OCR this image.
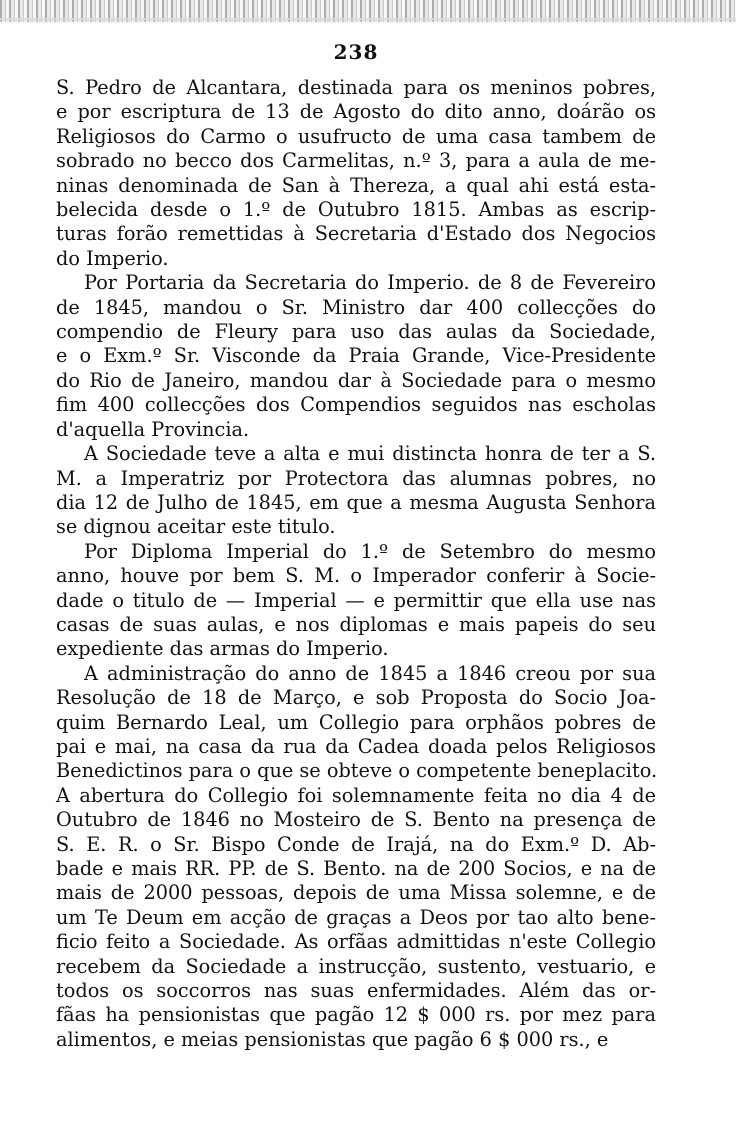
238

S. Pedro de Alcantara, destinada para os meninos pobres,
e por escriptura de 13 de Agosto do dito anno, doárão os
Religiosos do Carmo o usufructo de uma casa tambem de
sobrado no becco dos Carmelitas, n.º 3, para a aula de me-
ninas denominada de San à Thereza, a qual ahi está esta-
belecida desde o 1.º de Outubro 1815. Ambas as escrip-
turas forão remettidas à Secretaria d'Estado dos Negocios
do Imperio.

Por Portaria da Secretaria do Imperio. de 8 de Fevereiro
de 1845, mandou o Sr. Ministro dar 400 collecções do
compendio de Fleury para uso das aulas da Sociedade,
e o Exm.º Sr. Visconde da Praia Grande, Vice-Presidente
do Rio de Janeiro, mandou dar à Sociedade para o mesmo
fim 400 collecções dos Compendios seguidos nas escholas
d'aquella Provincia.

A Sociedade teve a alta e mui distincta honra de ter a S.
M. a Imperatriz por Protectora das alumnas pobres, no
dia 12 de Julho de 1845, em que a mesma Augusta Senhora
se dignou aceitar este titulo.

Por Diploma Imperial do 1.º de Setembro do mesmo
anno, houve por bem S. M. o Imperador conferir à Socie-
dade o titulo de — Imperial — e permittir que ella use nas
casas de suas aulas, e nos diplomas e mais papeis do seu
expediente das armas do Imperio.

A administração do anno de 1845 a 1846 creou por sua
Resolução de 18 de Março, e sob Proposta do Socio Joa-
quim Bernardo Leal, um Collegio para orphãos pobres de
pai e mai, na casa da rua da Cadea doada pelos Religiosos
Benedictinos para o que se obteve o competente beneplacito.
A abertura do Collegio foi solemnamente feita no dia 4 de
Outubro de 1846 no Mosteiro de S. Bento na presença de
S. E. R. o Sr. Bispo Conde de Irajá, na do Exm.º D. Ab-
bade e mais RR. PP. de S. Bento. na de 200 Socios, e na de
mais de 2000 pessoas, depois de uma Missa solemne, e de
um Te Deum em acção de graças a Deos por tao alto bene-
ficio feito a Sociedade. As orfãas admittidas n'este Collegio
recebem da Sociedade a instrucção, sustento, vestuario, e
todos os soccorros nas suas enfermidades. Além das or-
fãas ha pensionistas que pagão 12 $ 000 rs. por mez para
alimentos, e meias pensionistas que pagão 6 $ 000 rs., e
